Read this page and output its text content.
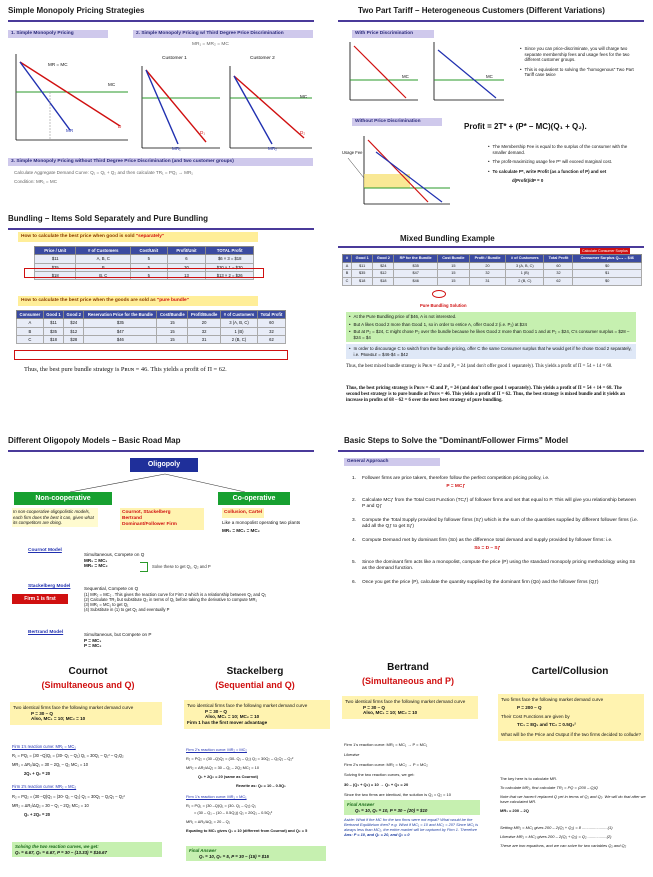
Simple Monopoly Pricing Strategies
1. Simple Monopoly Pricing	2. Simple Monopoly Pricing w/ Third Degree Price Discrimination
MR₁ = MR₂ = MC
MR = MC
MC
D
MR
Customer 1
D₁
MR₁
Customer 2
MC
D₂
MR₂
3. Simple Monopoly Pricing without Third Degree Price Discrimination (and two customer groups)
Calculate Aggregate Demand Curve: Q₁ = Q₁ + Q₂ and then calculate TR₁ = PQ₁ → MR₁
Condition: MR₁ = MC
Two Part Tariff – Heterogeneous Customers (Different Variations)
With Price Discrimination
MC	MC
• Since you can price-discriminate, you will charge two separate membership fees and usage fees for the two different customer groups.
• This is equivalent to solving the "homogenous" Two Part Tariff case twice
Without Price Discrimination
Profit = 2T* + (P* – MC)(Q₁ + Q₂).
Usage Fee
• The Membership Fee is equal to the surplus of the consumer with the smaller demand.
• The profit-maximizing usage fee P* will exceed marginal cost.
• To calculate P*, write Profit (as a function of P) and set
d(Profit)/dP = 0
Bundling – Items Sold Separately and Pure Bundling
How to calculate the best price when good is sold "separately"
Price / Unit	# of Customers	Cost/Unit	Profit/Unit	TOTAL Profit
$11	A, B, C	5	6	$6 × 3 = $18
$35	B	5	30	$30 × 1 = $30
$18	B, C	5	13	$13 × 2 = $26
How to calculate the best price when the goods are sold as "pure bundle"
Consumer	Good 1	Good 2	Reservation Price for the Bundle	Cost/Bundle	Profit/Bundle	# of Customers	Total Profit
A	$11	$24	$35	15	20	3 (A, B, C)	60
B	$35	$12	$47	15	32	1 (B)	32
C	$18	$28	$46	15	31	2 (B, C)	62
Thus, the best pure bundle strategy is Pʙᴜɴ = 46. This yields a profit of Π = 62.
Mixed Bundling Example
Calculate Consumer Surplus
#	Good 1	Good 2	RP for the Bundle	Cost Bundle	Profit / Bundle	# of Customers	Total Profit	Consumer Surplus Q₁₁₂ – $46
A	$11	$24	$35	15	20	3 (A, B, C)	60	$0
B	$35	$12	$47	15	32	1 (B)	32	$1
C	$18	$18	$46	15	31	2 (B, C)	62	$0
Pure Bundling Solution
• At the Pure Bundling price of $46, A is not interested.
• But A likes Good 2 more than Good 1, so in order to entice A, offer Good 2 (i.e. P₂) at $24
• But at P₂ = $24, C might chose P₂ over the bundle because he likes Good 2 more than Good 1 and at P₂ = $24, C's consumer surplus = $28 – $24 = $4
• In order to discourage C to switch from the bundle pricing, offer C the same Consumer surplus that he would get if he chose Good 2 separately, i.e. Pʙᴜɴᴅʟᴇ = $46-$4 = $42
Thus, the best mixed bundle strategy is Pʙᴜɴ = 42 and P₂ = 24 (and don't offer good 1 separately). This yields a profit of Π = 54 + 14 = 68.
Thus, the best pricing strategy is Pʙᴜɴ = 42 and P₂ = 24 (and don't offer good 1 separately). This yields a profit of Π = 54 + 14 = 68. The second best strategy is to pure bundle at Pʙᴜɴ = 46. This yields a profit of Π = 62. Thus, the best strategy is mixed bundle and it yields an increase in profits of 68 – 62 = 6 over the next best strategy of pure bundling.
Different Oligopoly Models – Basic Road Map
Oligopoly
Non-cooperative	Co-operative
In non-cooperative oligopolistic models, each firm does the best it can, given what its competitors are doing.
Cournot, Stackelberg
Bertrand
Dominant/Follower Firm
Collusion, Cartel
Like a monopolist operating two plants
MR₁ = MC₁ = MC₂
Cournot Model
Simultaneous, Compete on Q
MR₁ = MC₁
MR₂ = MC₂	Solve these to get Q₁, Q₂ and P
Stackelberg Model
Firm 1 is first
Sequential, Compete on Q
(1) MR₂ = MC₂ . This gives the reaction curve for Firm 2 which is a relationship between Q₁ and Q₂
(2) Calculate TR₁ but substitute Q₂ in terms of Q₁ before taking the derivative to compute MR₁
(3) MR₁ = MC₁ to get Q₁
(4) Substitute in (1) to get Q₂ and eventually P
Bertrand Model	Simultaneous, but Compete on P
P = MC₁
P = MC₂
Basic Steps to Solve the "Dominant/Follower Firms" Model
General Approach
1.	Follower firms are price takers, therefore follow the perfect competition pricing policy, i.e.
P = MCƒ
2.	Calculate MCƒ from the Total Cost Function (TCƒ) of follower firms and set that equal to P. This will give you relationship between P and Qƒ
3.	Compute the Total Supply provided by follower firms (Sƒ) which is the sum of the quantities supplied by different follower firms (i.e. add all the Qƒ to get Sƒ)
4.	Compute Demand met by dominant firm (Sᴅ) as the difference total demand and supply provided by follower firms: i.e.
Sᴅ = D – Sƒ
5.	Since the dominant firm acts like a monopolist, compute the price (P) using the standard monopoly pricing methodology using Sᴅ as the demand function.
6.	Once you get the price (P), calculate the quantity supplied by the dominant firm (Qᴅ) and the follower firms (Qƒ)
Cournot
(Simultaneous and Q)
Two identical firms face the following market demand curve
P = 30 – Q
Also, MC₁ = 10; MC₂ = 10
Firm 1's reaction curve: MR₁ = MC₁
R₁ = PQ₁ = (30 –Q)Q₁ = (30- Q₁ – Q₂) Q₁ = 30Q₁ – Q₁² – Q₁Q₂
MR₁ = ΔR₁/ΔQ₁ = 30 – 2Q₁ – Q₂ MC₁ = 10
2Q₁ + Q₂ = 20
Firm 2's reaction curve: MR₂ = MC₂
R₂ = PQ₂ = (30 –Q)Q₂ = (30- Q₁ – Q₂) Q₂ = 30Q₂ – Q₁Q₂ – Q₂²
MR₂ = ΔR₂/ΔQ₂ = 30 – Q₁ – 2Q₂ MC₂ = 10
Q₁ + 2Q₂ = 20
Solving the two reaction curves, we get:
Q₁ = 6.67, Q₂ = 6.67, P = 30 – (13.33) = $16.67
Stackelberg
(Sequential and Q)
Two identical firms face the following market demand curve
P = 30 – Q
Also, MC₁ = 10; MC₂ = 10
Firm 1 has the first mover advantage
Firm 2's reaction curve: MR₂ = MC₂
R₂ = PQ₂ = (30 –Q)Q₂ = (30- Q₁ – Q₂) Q₂ = 30Q₂ – Q₁Q₂ – Q₂²
MR₂ = ΔR₂/ΔQ₂ = 30 – Q₁ – 2Q₂ MC₂ = 10
Q₁ + 2Q₂ = 20 (same as Cournot)
Rewrite as: Q₂ = 10 – 0.5Q₁
Firm 1's reaction curve: MR₁ = MC₁
R₁ = PQ₁ = (30 –Q)Q₁ = (30- Q₁ – Q₂) Q₁
= (30 – Q₁ – (10 – 0.5Q₁)) Q₁ = 20Q₁ – 0.5Q₁²
MR₁ = ΔR₁/ΔQ₁ = 20 – Q₁
Equating to MC₁ gives Q₁ = 10 (different from Cournot) and Q₂ = 5
Final Answer
Q₁ = 10, Q₂ = 5, P = 30 – (15) = $15
Bertrand
(Simultaneous and P)
Two identical firms face the following market demand curve
P = 30 – Q
Also, MC₁ = 10; MC₂ = 10
Firm 1's reaction curve: MR₁ = MC₁ → P = MC₁
Likewise
Firm 2's reaction curve: MR₂ = MC₂ → P = MC₂
Solving the two reaction curves, we get:
30 – (Q₁ + Q₂) = 10 → Q₁ + Q₂ = 20
Since the two firms are identical, the solution is Q₁ = Q₂ = 10
Final Answer
Q₁ = 10, Q₂ = 10, P = 30 – (20) = $10
Aside: What if the MC for the two firms were not equal? What would be the Bertrand Equilibrium then? e.g. What if MC₁ = 10 and MC₂ = 20? Since MC₁ is always less than MC₂, the entire market will be captured by Firm 1. Therefore
Ans: P = 10, and Q₁ = 20, and Q₂ = 0
Cartel/Collusion
Two firms face the following market demand curve
P = 200 – Q
Their Cost Functions are given by
TC₁ = 8Q₁ and TC₂ = 0.5Q₂²
What will be the Price and Output if the two firms decided to collude?
The key here is to calculate MR.
To calculate MR₁, first calculate TR₁ = PQ = (200 – Q)Q
Note that we haven't replaced Q yet in terms of Q₁ and Q₂. We will do that after we have calculated MR.
MR₁ = 200 – 2Q
Setting MR₁ = MC₁ gives 200 – 2(Q₁ + Q₂) = 8 .......................(1)
Likewise MR₁ = MC₂ gives 200 – 2(Q₁ + Q₂) = Q₂ .................(2)
These are two equations, and we can solve for two variables Q₁ and Q₂
